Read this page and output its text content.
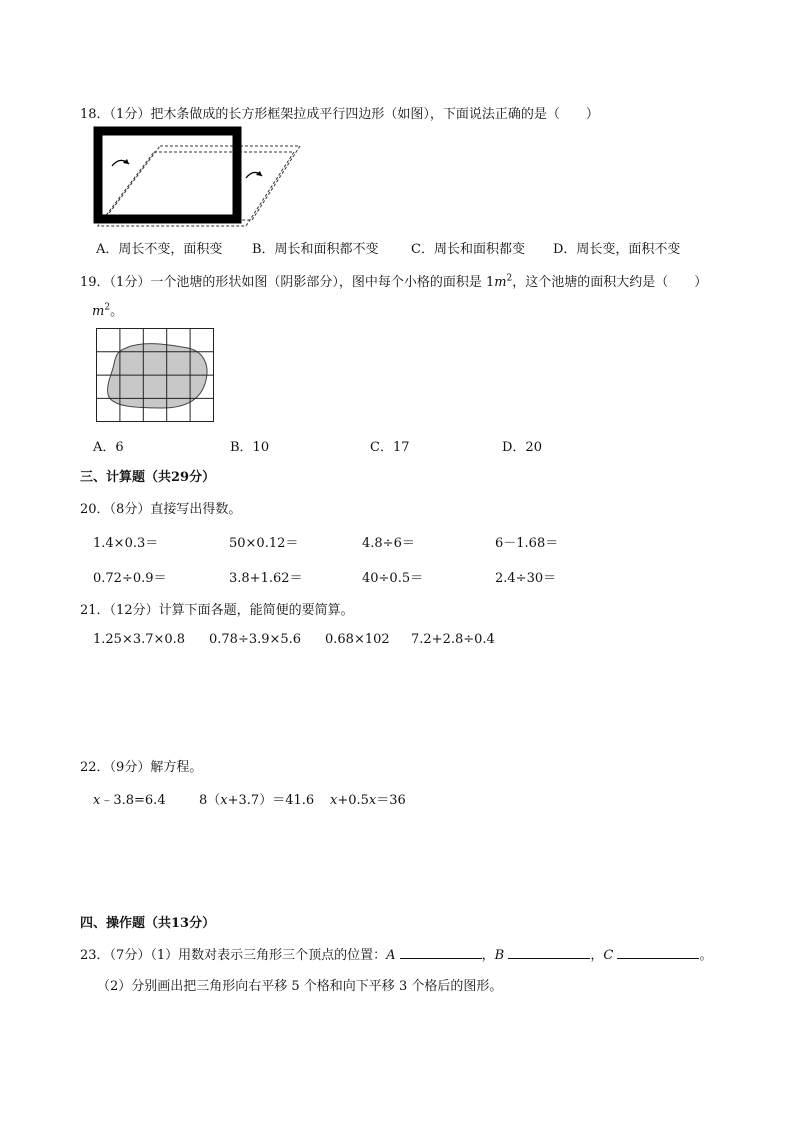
18．（1分）把木条做成的长方形框架拉成平行四边形（如图），下面说法正确的是（　　）
A．周长不变，面积变 B．周长和面积都不变 C．周长和面积都变 D．周长变，面积不变
19．（1分）一个池塘的形状如图（阴影部分），图中每个小格的面积是 $1m^2$，这个池塘的面积大约是（　　）
$m^2$。
A．6	B．10	C．17	D．20
三、计算题（共29分）
20．（8分）直接写出得数。
1.4×0.3＝	50×0.12＝	4.8÷6＝	6－1.68＝
0.72÷0.9＝	3.8+1.62＝	40÷0.5＝	2.4÷30＝
21．（12分）计算下面各题，能简便的要简算。
1.25×3.7×0.8 0.78÷3.9×5.6 0.68×102 7.2+2.8÷0.4
22．（9分）解方程。
x﹣3.8=6.4	8（x+3.7）＝41.6 x+0.5x＝36
四、操作题（共13分）
23．（7分）（1）用数对表示三角形三个顶点的位置：A	，B	，C	。
（2）分别画出把三角形向右平移 5 个格和向下平移 3 个格后的图形。
